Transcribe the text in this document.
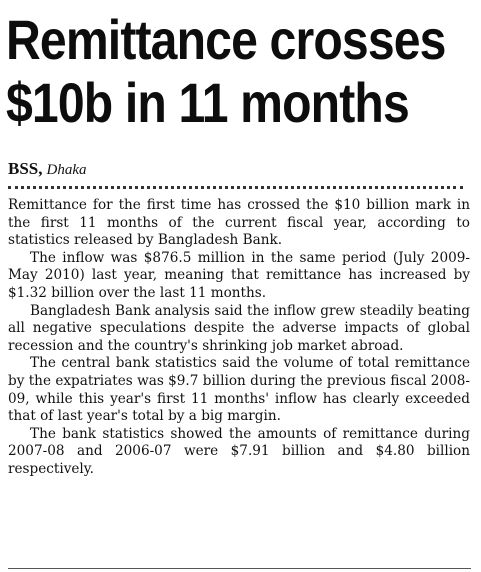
Remittance crosses
$10b in 11 months
BSS, Dhaka

Remittance for the first time has crossed the $10 billion mark in the first 11 months of the current fiscal year, according to statistics released by Bangladesh Bank.

The inflow was $876.5 million in the same period (July 2009-May 2010) last year, meaning that remittance has increased by $1.32 billion over the last 11 months.

Bangladesh Bank analysis said the inflow grew steadily beating all negative speculations despite the adverse impacts of global recession and the country's shrinking job market abroad.

The central bank statistics said the volume of total remittance by the expatriates was $9.7 billion during the previous fiscal 2008-09, while this year's first 11 months' inflow has clearly exceeded that of last year's total by a big margin.

The bank statistics showed the amounts of remittance during 2007-08 and 2006-07 were $7.91 billion and $4.80 billion respectively.
